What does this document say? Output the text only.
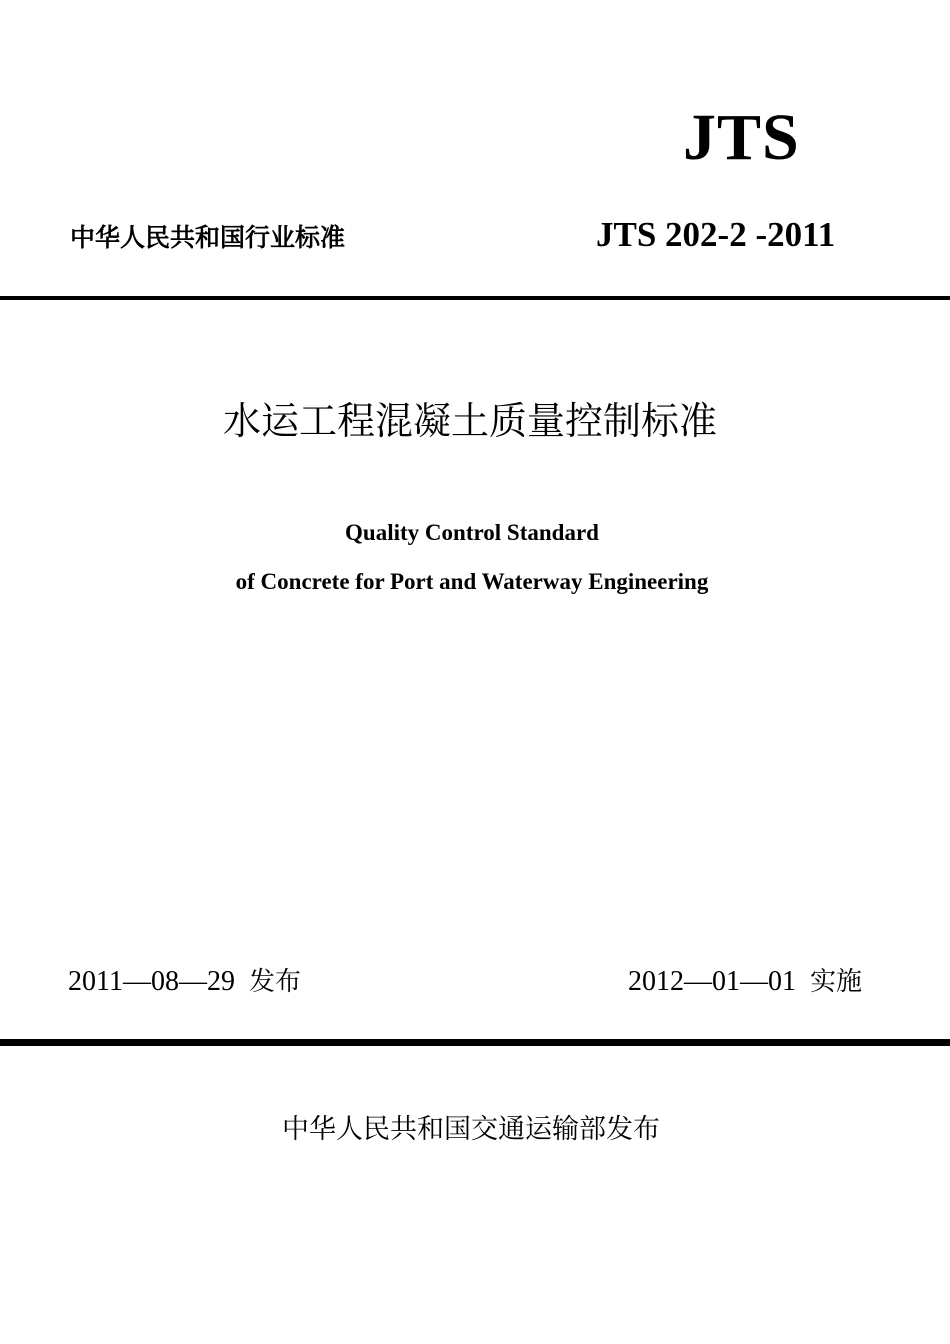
JTS
中华人民共和国行业标准	JTS 202-2 -2011
水运工程混凝土质量控制标准
Quality Control Standard
of Concrete for Port and Waterway Engineering
2011—08—29 发布	2012—01—01 实施
中华人民共和国交通运输部发布
